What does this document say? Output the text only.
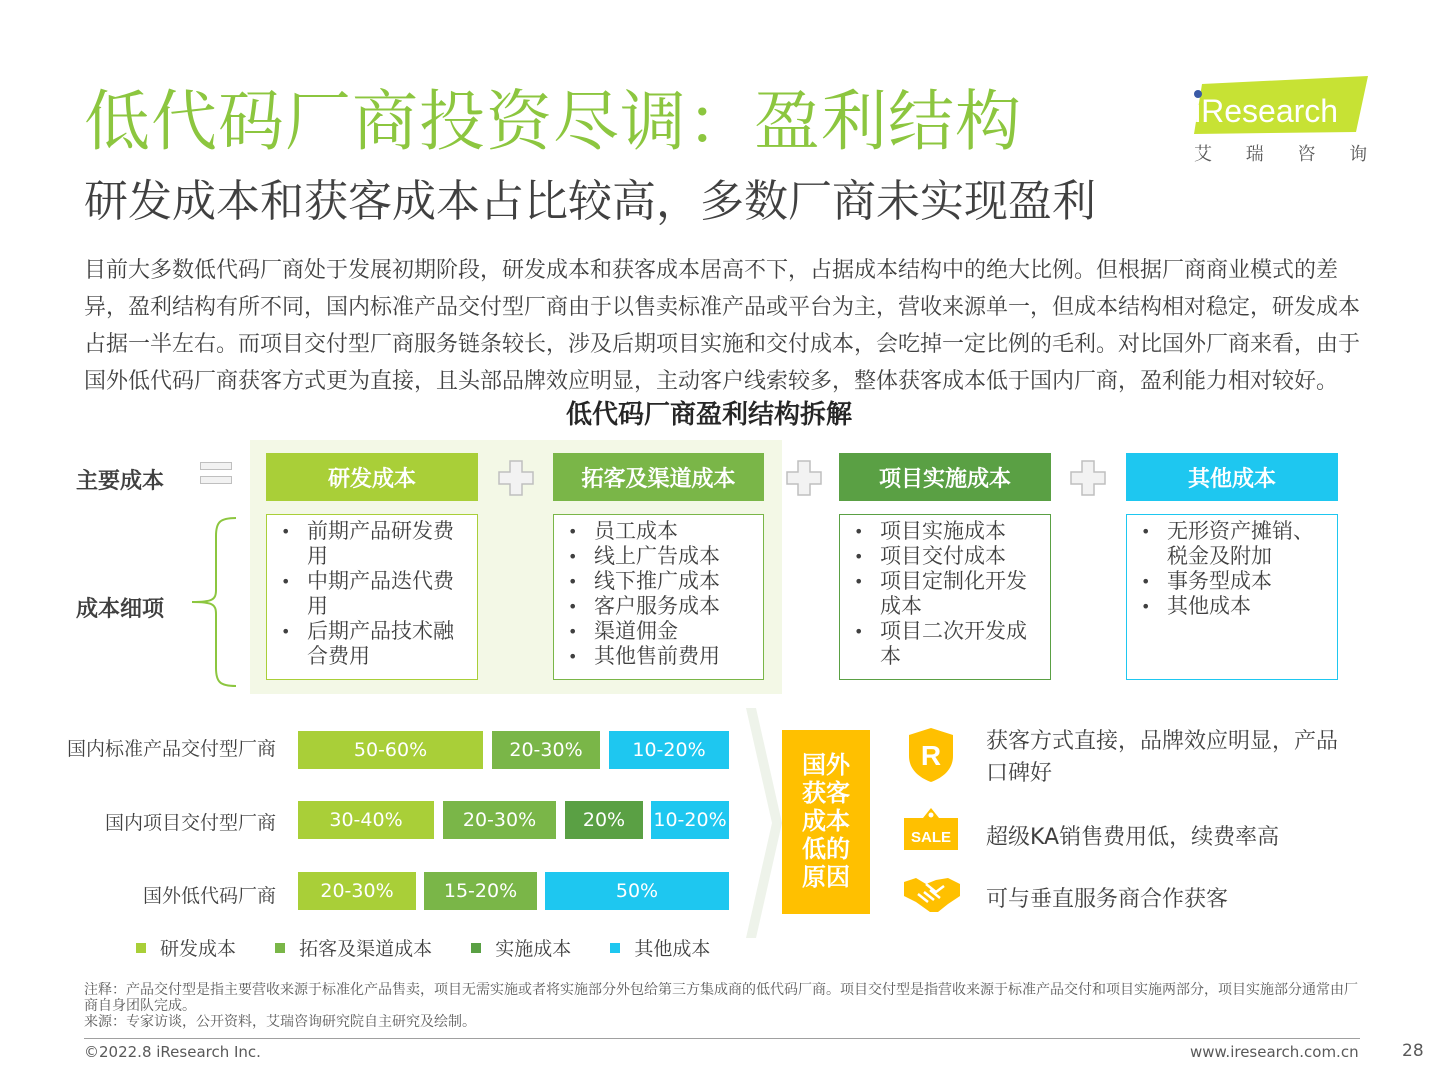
低代码厂商投资尽调：盈利结构
研发成本和获客成本占比较高，多数厂商未实现盈利
iResearch
艾 瑞 咨 询
目前大多数低代码厂商处于发展初期阶段，研发成本和获客成本居高不下，占据成本结构中的绝大比例。但根据厂商商业模式的差异，盈利结构有所不同，国内标准产品交付型厂商由于以售卖标准产品或平台为主，营收来源单一，但成本结构相对稳定，研发成本占据一半左右。而项目交付型厂商服务链条较长，涉及后期项目实施和交付成本，会吃掉一定比例的毛利。对比国外厂商来看，由于国外低代码厂商获客方式更为直接，且头部品牌效应明显，主动客户线索较多，整体获客成本低于国内厂商，盈利能力相对较好。
低代码厂商盈利结构拆解
主要成本
成本细项
研发成本
• 前期产品研发费用
• 中期产品迭代费用
• 后期产品技术融合费用
拓客及渠道成本
• 员工成本
• 线上广告成本
• 线下推广成本
• 客户服务成本
• 渠道佣金
• 其他售前费用
项目实施成本
• 项目实施成本
• 项目交付成本
• 项目定制化开发成本
• 项目二次开发成本
其他成本
• 无形资产摊销、税金及附加
• 事务型成本
• 其他成本
国内标准产品交付型厂商
国内项目交付型厂商
国外低代码厂商
50-60%	20-30%	10-20%
30-40%	20-30%	20%	10-20%
20-30%	15-20%	50%
研发成本
	拓客及渠道成本
	实施成本
	其他成本
国外获客成本低的原因
R 获客方式直接，品牌效应明显，产品口碑好
SALE 超级KA销售费用低，续费率高
可与垂直服务商合作获客
注释：产品交付型是指主要营收来源于标准化产品售卖，项目无需实施或者将实施部分外包给第三方集成商的低代码厂商。项目交付型是指营收来源于标准产品交付和项目实施两部分，项目实施部分通常由厂商自身团队完成。
来源：专家访谈，公开资料，艾瑞咨询研究院自主研究及绘制。
©2022.8 iResearch Inc.	www.iresearch.com.cn	28
